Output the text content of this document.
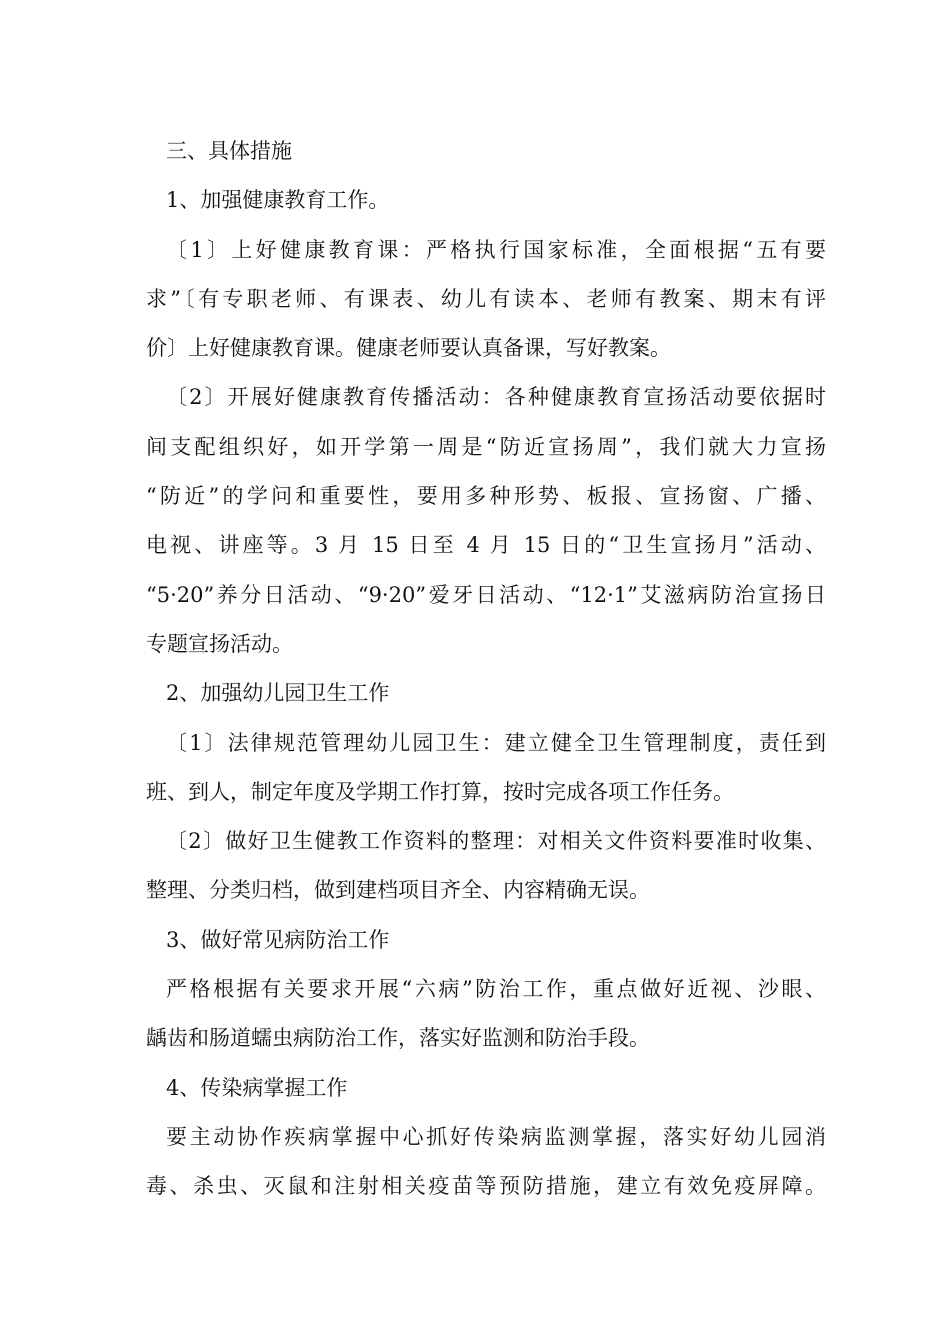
三、具体措施
1、加强健康教育工作。
〔1〕上好健康教育课：严格执行国家标准，全面根据“五有要
求”〔有专职老师、有课表、幼儿有读本、老师有教案、期末有评
价〕上好健康教育课。健康老师要认真备课，写好教案。
〔2〕开展好健康教育传播活动：各种健康教育宣扬活动要依据时
间支配组织好，如开学第一周是“防近宣扬周”，我们就大力宣扬
“防近”的学问和重要性，要用多种形势、板报、宣扬窗、广播、
电视、讲座等。3 月 15 日至 4 月 15 日的“卫生宣扬月”活动、
“5·20”养分日活动、“9·20”爱牙日活动、“12·1”艾滋病防治宣扬日
专题宣扬活动。
2、加强幼儿园卫生工作
〔1〕法律规范管理幼儿园卫生：建立健全卫生管理制度，责任到
班、到人，制定年度及学期工作打算，按时完成各项工作任务。
〔2〕做好卫生健教工作资料的整理：对相关文件资料要准时收集、
整理、分类归档，做到建档项目齐全、内容精确无误。
3、做好常见病防治工作
严格根据有关要求开展“六病”防治工作，重点做好近视、沙眼、
龋齿和肠道蠕虫病防治工作，落实好监测和防治手段。
4、传染病掌握工作
要主动协作疾病掌握中心抓好传染病监测掌握，落实好幼儿园消
毒、杀虫、灭鼠和注射相关疫苗等预防措施，建立有效免疫屏障。
